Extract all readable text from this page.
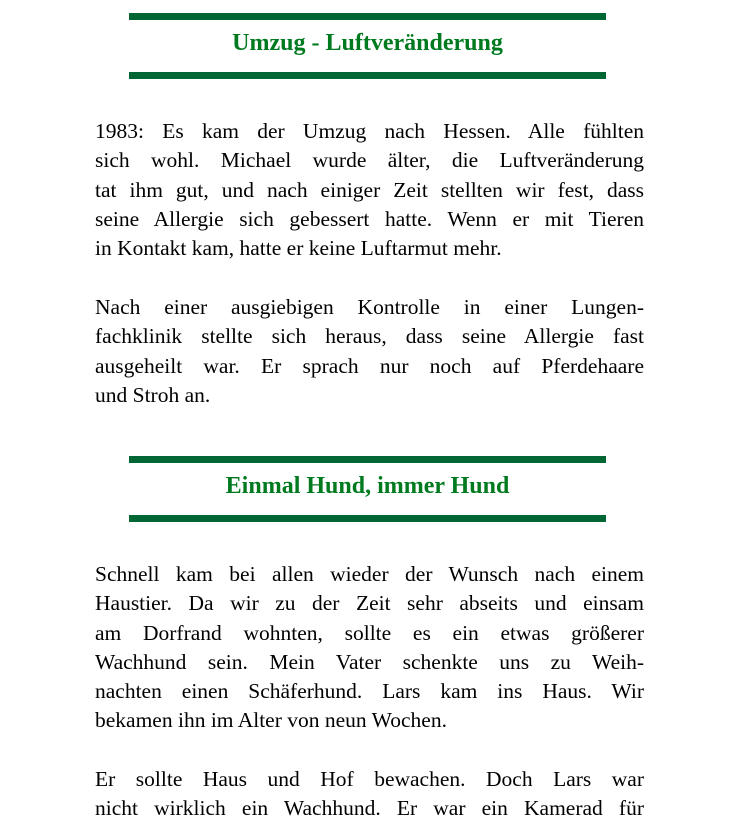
Umzug - Luftveränderung
1983: Es kam der Umzug nach Hessen. Alle fühlten
sich wohl. Michael wurde älter, die Luftveränderung
tat ihm gut, und nach einiger Zeit stellten wir fest, dass
seine Allergie sich gebessert hatte. Wenn er mit Tieren
in Kontakt kam, hatte er keine Luftarmut mehr.
Nach einer ausgiebigen Kontrolle in einer Lungen-
fachklinik stellte sich heraus, dass seine Allergie fast
ausgeheilt war. Er sprach nur noch auf Pferdehaare
und Stroh an.
Einmal Hund, immer Hund
Schnell kam bei allen wieder der Wunsch nach einem
Haustier. Da wir zu der Zeit sehr abseits und einsam
am Dorfrand wohnten, sollte es ein etwas größerer
Wachhund sein. Mein Vater schenkte uns zu Weih-
nachten einen Schäferhund. Lars kam ins Haus. Wir
bekamen ihn im Alter von neun Wochen.
Er sollte Haus und Hof bewachen. Doch Lars war
nicht wirklich ein Wachhund. Er war ein Kamerad für
